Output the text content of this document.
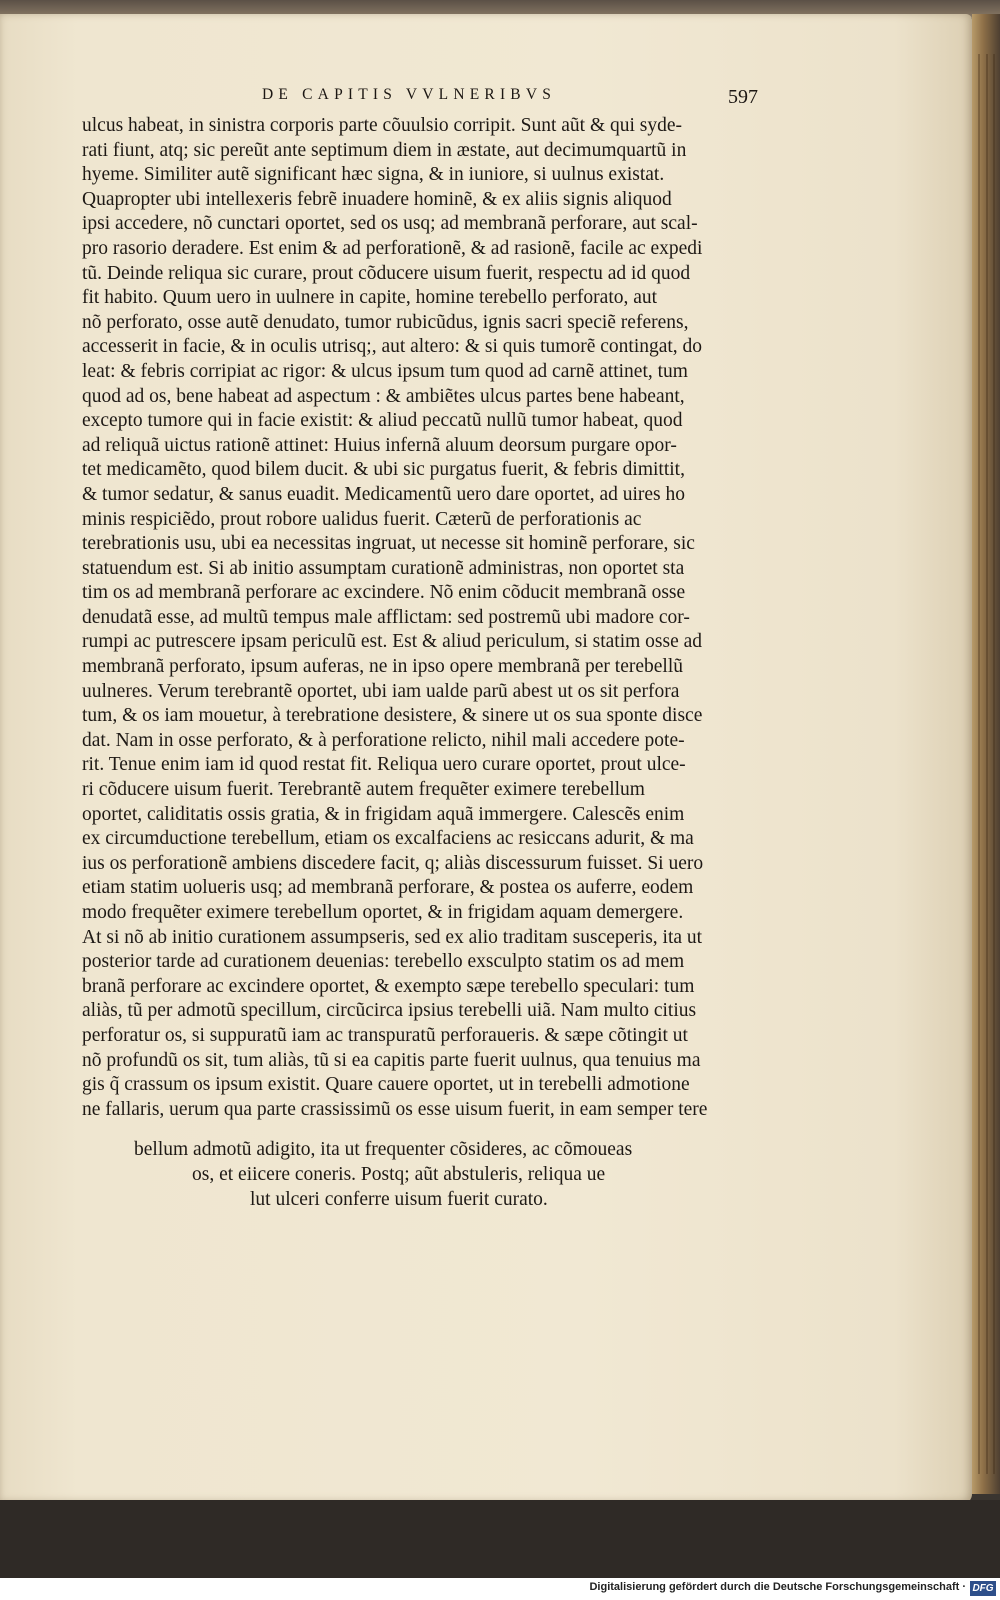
DE CAPITIS VVLNERIBVS	597
ulcus habeat, in sinistra corporis parte cõuulsio corripit. Sunt aũt & qui syde-
rati fiunt, atq; sic pereũt ante septimum diem in æstate, aut decimumquartũ in
hyeme. Similiter autẽ significant hæc signa, & in iuniore, si uulnus existat.
Quapropter ubi intellexeris febrẽ inuadere hominẽ, & ex aliis signis aliquod
ipsi accedere, nõ cunctari oportet, sed os usq; ad membranã perforare, aut scal-
pro rasorio deradere. Est enim & ad perforationẽ, & ad rasionẽ, facile ac expedi
tũ. Deinde reliqua sic curare, prout cõducere uisum fuerit, respectu ad id quod
fit habito. Quum uero in uulnere in capite, homine terebello perforato, aut
nõ perforato, osse autẽ denudato, tumor rubicũdus, ignis sacri speciẽ referens,
accesserit in facie, & in oculis utrisq;, aut altero: & si quis tumorẽ contingat, do
leat: & febris corripiat ac rigor: & ulcus ipsum tum quod ad carnẽ attinet, tum
quod ad os, bene habeat ad aspectum : & ambiẽtes ulcus partes bene habeant,
excepto tumore qui in facie existit: & aliud peccatũ nullũ tumor habeat, quod
ad reliquã uictus rationẽ attinet: Huius infernã aluum deorsum purgare opor-
tet medicamẽto, quod bilem ducit. & ubi sic purgatus fuerit, & febris dimittit,
& tumor sedatur, & sanus euadit. Medicamentũ uero dare oportet, ad uires ho
minis respiciẽdo, prout robore ualidus fuerit. Cæterũ de perforationis ac
terebrationis usu, ubi ea necessitas ingruat, ut necesse sit hominẽ perforare, sic
statuendum est. Si ab initio assumptam curationẽ administras, non oportet sta
tim os ad membranã perforare ac excindere. Nõ enim cõducit membranã osse
denudatã esse, ad multũ tempus male afflictam: sed postremũ ubi madore cor-
rumpi ac putrescere ipsam periculũ est. Est & aliud periculum, si statim osse ad
membranã perforato, ipsum auferas, ne in ipso opere membranã per terebellũ
uulneres. Verum terebrantẽ oportet, ubi iam ualde parũ abest ut os sit perfora
tum, & os iam mouetur, à terebratione desistere, & sinere ut os sua sponte disce
dat. Nam in osse perforato, & à perforatione relicto, nihil mali accedere pote-
rit. Tenue enim iam id quod restat fit. Reliqua uero curare oportet, prout ulce-
ri cõducere uisum fuerit. Terebrantẽ autem frequẽter eximere terebellum
oportet, caliditatis ossis gratia, & in frigidam aquã immergere. Calescẽs enim
ex circumductione terebellum, etiam os excalfaciens ac resiccans adurit, & ma
ius os perforationẽ ambiens discedere facit, q; aliàs discessurum fuisset. Si uero
etiam statim uolueris usq; ad membranã perforare, & postea os auferre, eodem
modo frequẽter eximere terebellum oportet, & in frigidam aquam demergere.
At si nõ ab initio curationem assumpseris, sed ex alio traditam susceperis, ita ut
posterior tarde ad curationem deuenias: terebello exsculpto statim os ad mem
branã perforare ac excindere oportet, & exempto sæpe terebello speculari: tum
aliàs, tũ per admotũ specillum, circũcirca ipsius terebelli uiã. Nam multo citius
perforatur os, si suppuratũ iam ac transpuratũ perforaueris. & sæpe cõtingit ut
nõ profundũ os sit, tum aliàs, tũ si ea capitis parte fuerit uulnus, qua tenuius ma
gis q̃ crassum os ipsum existit. Quare cauere oportet, ut in terebelli admotione
ne fallaris, uerum qua parte crassissimũ os esse uisum fuerit, in eam semper tere
bellum admotũ adigito, ita ut frequenter cõsideres, ac cõmoueas
os, et eiicere coneris. Postq; aũt abstuleris, reliqua ue
lut ulceri conferre uisum fuerit curato.
Digitalisierung gefördert durch die Deutsche Forschungsgemeinschaft · DFG
